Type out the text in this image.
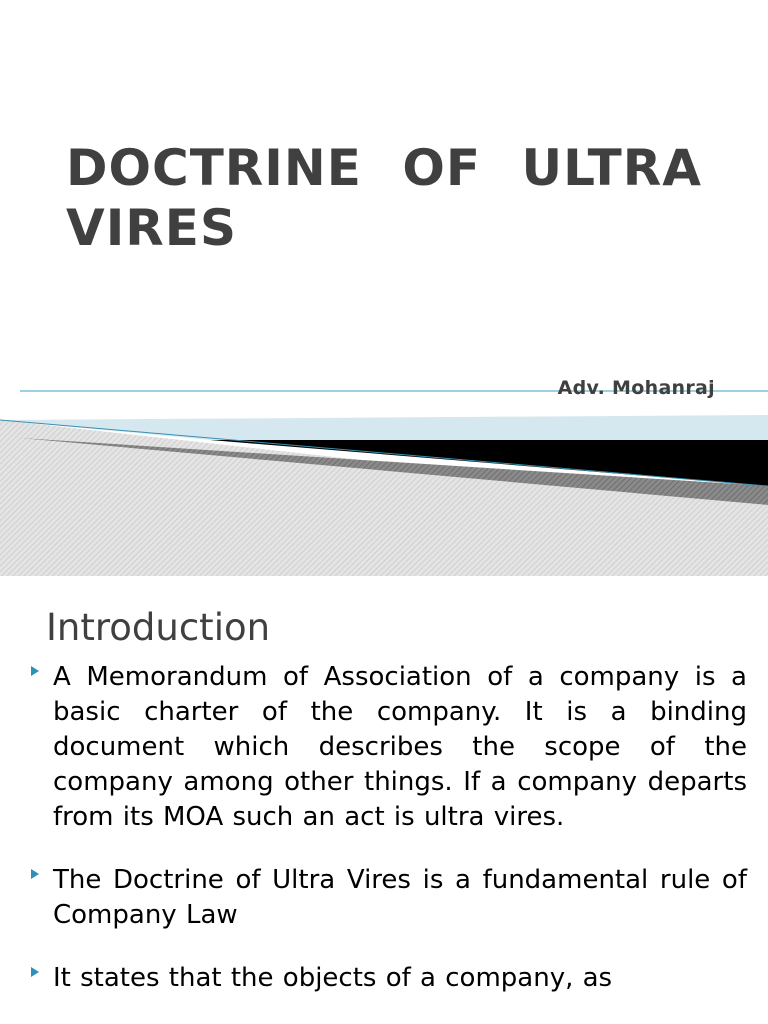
DOCTRINE OF ULTRA VIRES
Adv. Mohanraj
Introduction
A Memorandum of Association of a company is a basic charter of the company. It is a binding document which describes the scope of the company among other things. If a company departs from its MOA such an act is ultra vires.
The Doctrine of Ultra Vires is a fundamental rule of Company Law
It states that the objects of a company, as
